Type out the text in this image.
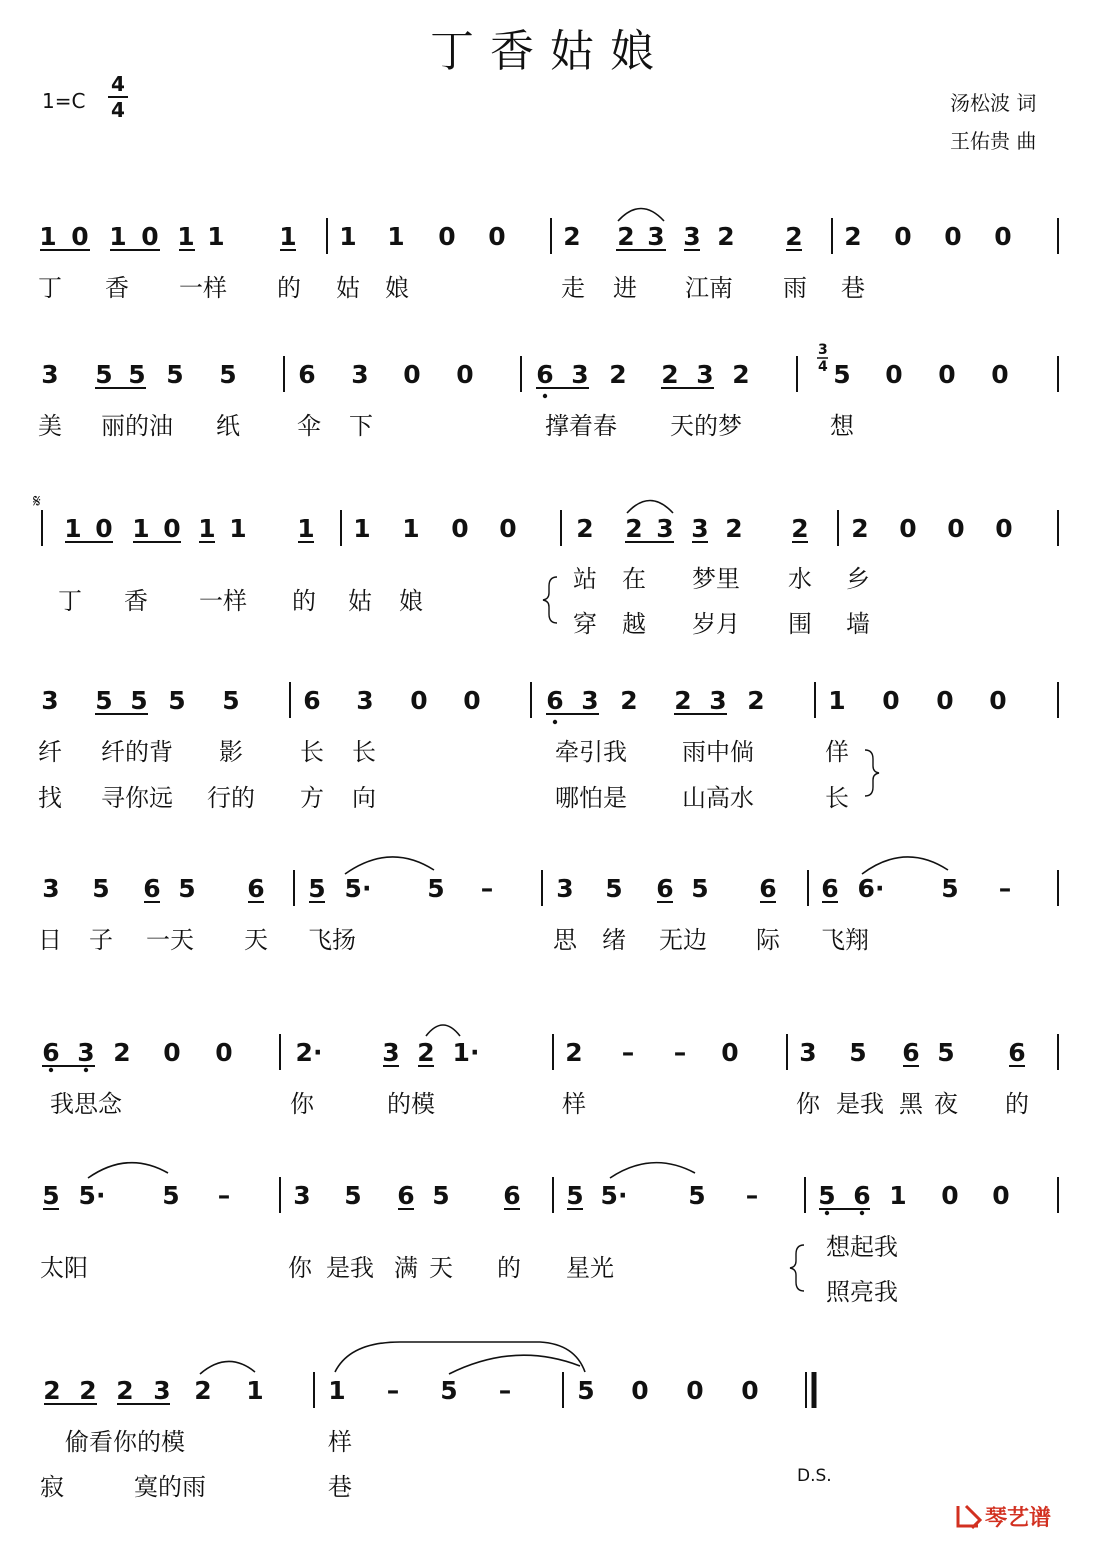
丁香姑娘
1=C
4
4	汤松波 词
王佑贵 曲
1 0 1 0 1 1 1 1 1 0 0 2 2 3 3 2 2 2 0 0 0
丁 香 一样 的 姑 娘	走 进 江南 雨 巷
3 5 5 5 5 6 3 0 0	6 3 2 2 3 2	5 0 0 0
3
4
美 丽的油 纸 伞 下	撑着春 天的梦	想
𝄋
1 0 1 0 1 1 1 1 1 0 0 2 2 3 3 2 2 2 0 0 0
丁 香 一样 的 姑 娘
站 在 梦里 水 乡
穿 越 岁月 围 墙
3 5 5 5 5	6 3 0 0	6 3 2 2 3 2	1 0 0 0
纤 纤的背 影 长 长	牵引我 雨中倘	佯
找 寻你远 行的 方 向	哪怕是 山高水	长
3 5 6 5 6 5 5· 5 –	3 5 6 5 6 6 6· 5 –
日 子 一天 天 飞扬	思 绪 无边 际 飞翔
6 3 2 0 0	2· 3 2 1·	2 – – 0 3 5 6 5 6
我思念	你	的模	样	你 是我 黑 夜 的
5 5· 5 –	3 5 6 5 6 5 5· 5 – 5 6 1 0 0
太阳	你 是我 满 天 的 星光
想起我
照亮我
2 2 2 3 2 1	1 – 5 –	5 0 0 0
偷看你的模	样
寂	寞的雨	巷	D.S.
琴艺谱
